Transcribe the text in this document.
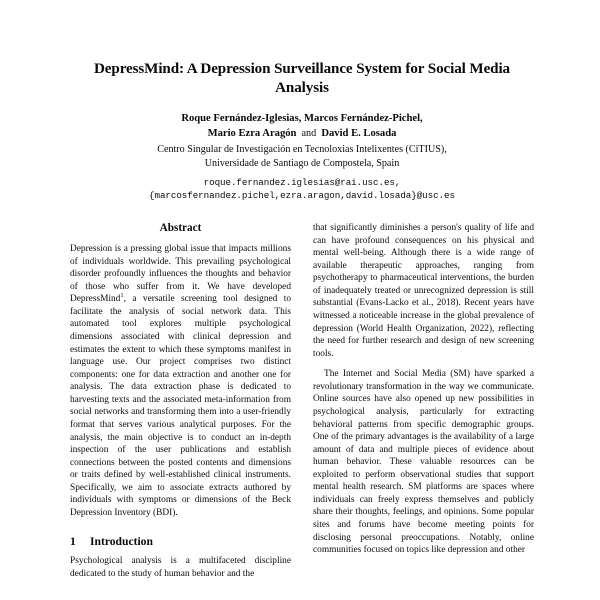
DepressMind: A Depression Surveillance System for Social Media Analysis
Roque Fernández-Iglesias, Marcos Fernández-Pichel,
Mario Ezra Aragón and David E. Losada
Centro Singular de Investigación en Tecnoloxias Intelixentes (CiTIUS),
Universidade de Santiago de Compostela, Spain
roque.fernandez.iglesias@rai.usc.es,
{marcosfernandez.pichel,ezra.aragon,david.losada}@usc.es
Abstract

Depression is a pressing global issue that impacts millions of individuals worldwide. This prevailing psychological disorder profoundly influences the thoughts and behavior of those who suffer from it. We have developed DepressMind$^1$, a versatile screening tool designed to facilitate the analysis of social network data. This automated tool explores multiple psychological dimensions associated with clinical depression and estimates the extent to which these symptoms manifest in language use. Our project comprises two distinct components: one for data extraction and another one for analysis. The data extraction phase is dedicated to harvesting texts and the associated meta-information from social networks and transforming them into a user-friendly format that serves various analytical purposes. For the analysis, the main objective is to conduct an in-depth inspection of the user publications and establish connections between the posted contents and dimensions or traits defined by well-established clinical instruments. Specifically, we aim to associate extracts authored by individuals with symptoms or dimensions of the Beck Depression Inventory (BDI).

1 Introduction

Psychological analysis is a multifaceted discipline dedicated to the study of human behavior and the

that significantly diminishes a person's quality of life and can have profound consequences on his physical and mental well-being. Although there is a wide range of available therapeutic approaches, ranging from psychotherapy to pharmaceutical interventions, the burden of inadequately treated or unrecognized depression is still substantial (Evans-Lacko et al., 2018). Recent years have witnessed a noticeable increase in the global prevalence of depression (World Health Organization, 2022), reflecting the need for further research and design of new screening tools.

The Internet and Social Media (SM) have sparked a revolutionary transformation in the way we communicate. Online sources have also opened up new possibilities in psychological analysis, particularly for extracting behavioral patterns from specific demographic groups. One of the primary advantages is the availability of a large amount of data and multiple pieces of evidence about human behavior. These valuable resources can be exploited to perform observational studies that support mental health research. SM platforms are spaces where individuals can freely express themselves and publicly share their thoughts, feelings, and opinions. Some popular sites and forums have become meeting points for disclosing personal preoccupations. Notably, online communities focused on topics like depression and other
